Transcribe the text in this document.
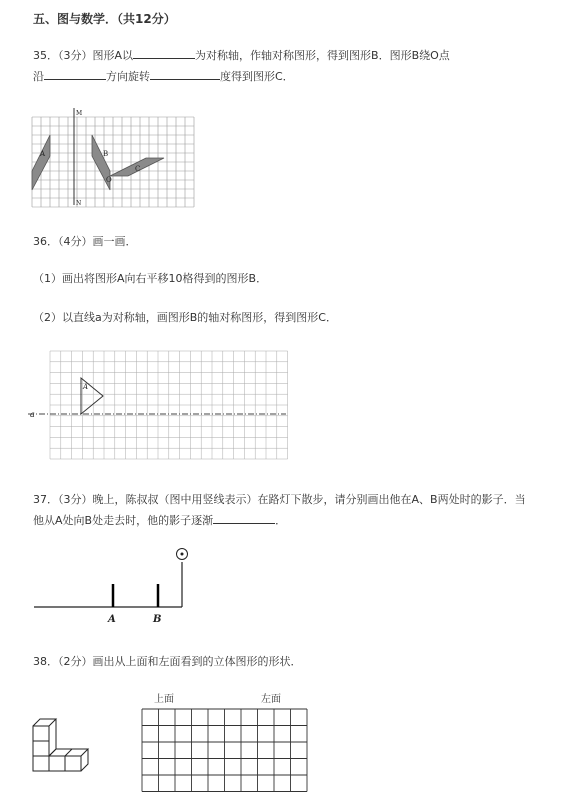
五、图与数学．（共12分）
35．（3分）图形A以	为对称轴，作轴对称图形，得到图形B．图形B绕O点
沿	方向旋转	度得到图形C．
A	B
C
O
M
N
36．（4分）画一画．
（1）画出将图形A向右平移10格得到的图形B．
（2）以直线a为对称轴，画图形B的轴对称图形，得到图形C．
A
a
37．（3分）晚上，陈叔叔（图中用竖线表示）在路灯下散步，请分别画出他在A、B两处时的影子．当
他从A处向B处走去时，他的影子逐渐	．
A	B
38．（2分）画出从上面和左面看到的立体图形的形状．
上面	左面
